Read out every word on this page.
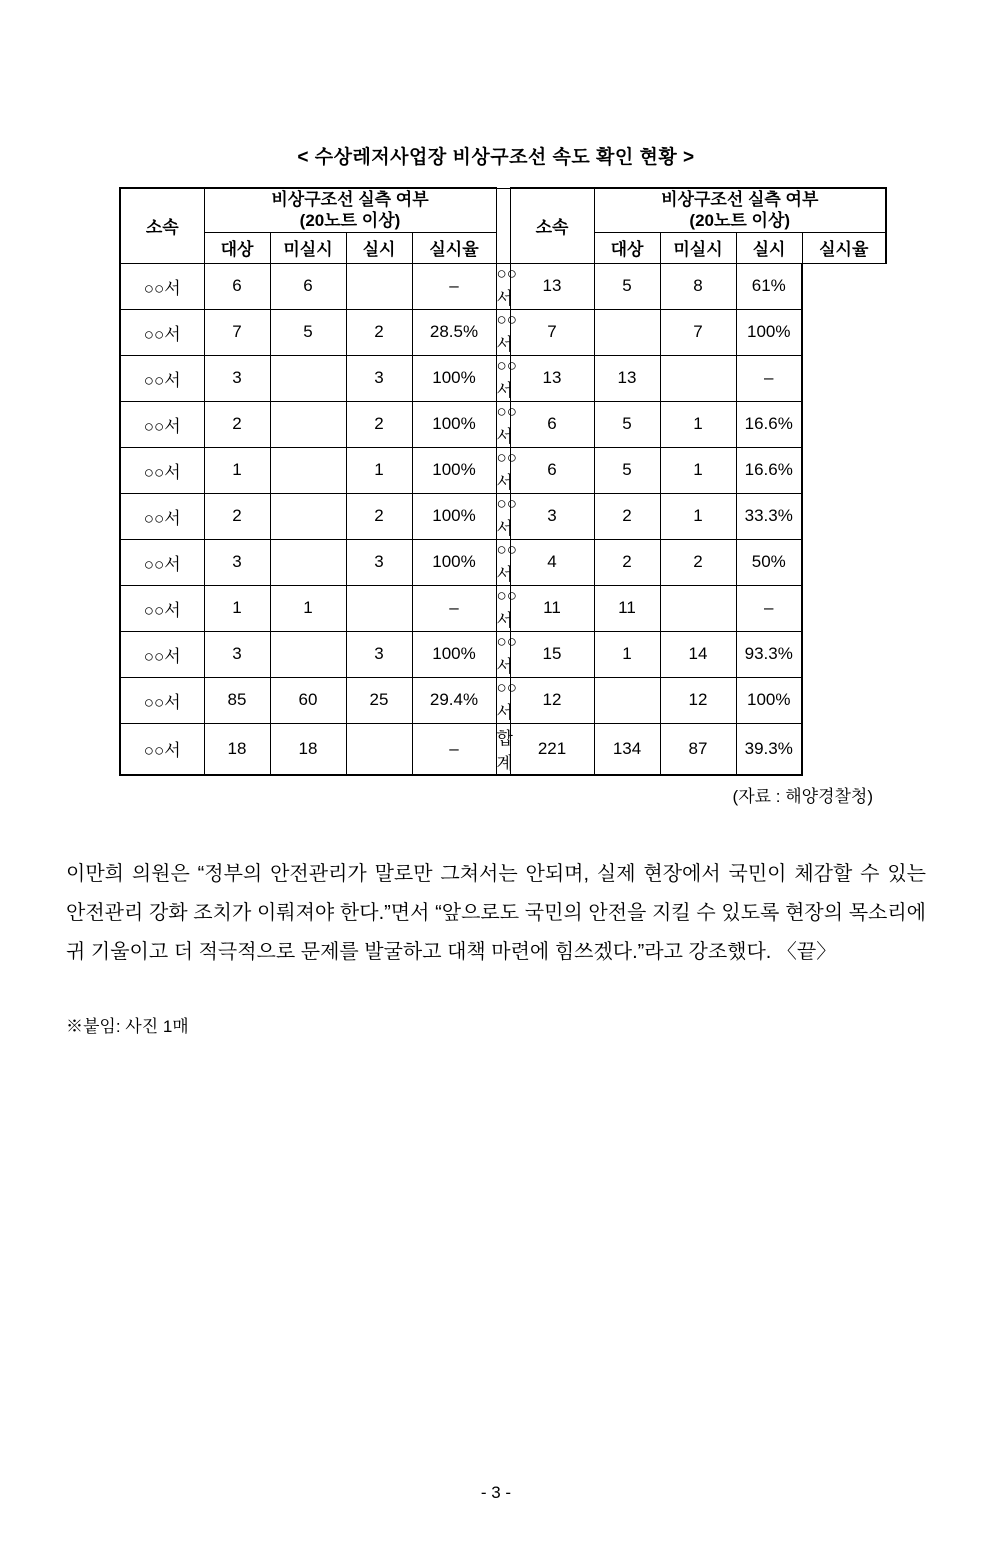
< 수상레저사업장 비상구조선 속도 확인 현황 >
소속	비상구조선 실측 여부
(20노트 이상)					소속	비상구조선 실측 여부
(20노트 이상)			

	대상	미실시	실시	실시율			대상	미실시	실시	실시율
○○서	6	6		–	○○서	13	5	8	61%	
○○서	7	5	2	28.5%	○○서	7		7	100%	
○○서	3		3	100%	○○서	13	13		–	
○○서	2		2	100%	○○서	6	5	1	16.6%	
○○서	1		1	100%	○○서	6	5	1	16.6%	
○○서	2		2	100%	○○서	3	2	1	33.3%	
○○서	3		3	100%	○○서	4	2	2	50%	
○○서	1	1		–	○○서	11	11		–	
○○서	3		3	100%	○○서	15	1	14	93.3%	
○○서	85	60	25	29.4%	○○서	12		12	100%	
○○서	18	18		–	합계	221	134	87	39.3%	
(자료 : 해양경찰청)
이만희 의원은 “정부의 안전관리가 말로만 그쳐서는 안되며, 실제 현장에서 국민이 체감할 수 있는 안전관리 강화 조치가 이뤄져야 한다.”면서 “앞으로도 국민의 안전을 지킬 수 있도록 현장의 목소리에 귀 기울이고 더 적극적으로 문제를 발굴하고 대책 마련에 힘쓰겠다.”라고 강조했다. 〈끝〉
※붙임: 사진 1매
- 3 -
